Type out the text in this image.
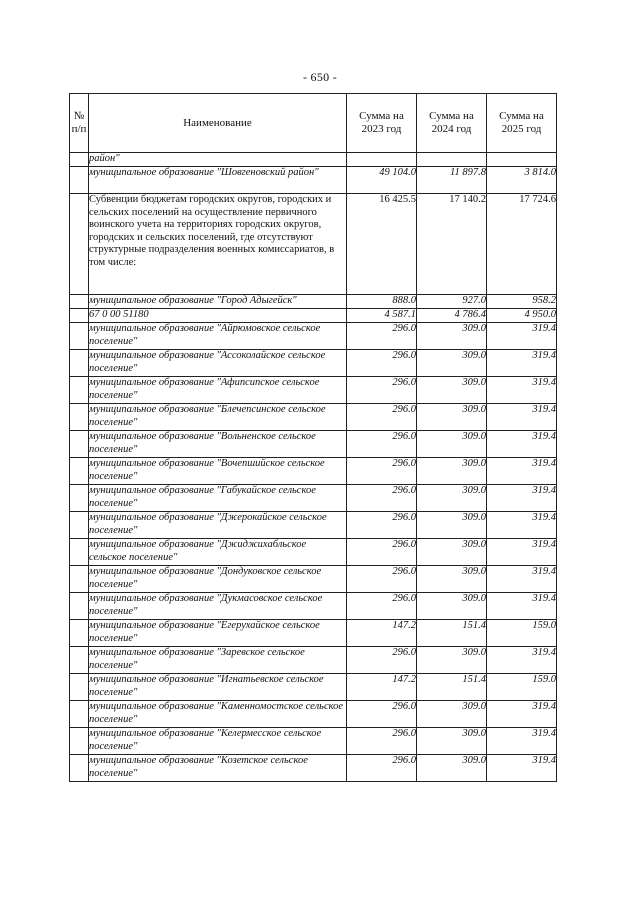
- 650 -
№ п/п	Наименование	Сумма на 2023 год	Сумма на 2024 год	Сумма на 2025 год
	район"			
	муниципальное образование "Шовгеновский район"	49 104.0	11 897.8	3 814.0
	Субвенции бюджетам городских округов, городских и сельских поселений на осуществление первичного воинского учета на территориях городских округов, городских и сельских поселений, где отсутствуют структурные подразделения военных комиссариатов, в том числе:	16 425.5	17 140.2	17 724.6
	муниципальное образование "Город Адыгейск"	888.0	927.0	958.2
	67 0 00 51180	4 587.1	4 786.4	4 950.0
	муниципальное образование "Айрюмовское сельское поселение"	296.0	309.0	319.4
	муниципальное образование "Ассоколайское сельское поселение"	296.0	309.0	319.4
	муниципальное образование "Афипсипское сельское поселение"	296.0	309.0	319.4
	муниципальное образование "Блечепсинское сельское поселение"	296.0	309.0	319.4
	муниципальное образование "Вольненское сельское поселение"	296.0	309.0	319.4
	муниципальное образование "Вочепшийское сельское поселение"	296.0	309.0	319.4
	муниципальное образование "Габукайское сельское поселение"	296.0	309.0	319.4
	муниципальное образование "Джерокайское сельское поселение"	296.0	309.0	319.4
	муниципальное образование "Джиджихабльское сельское поселение"	296.0	309.0	319.4
	муниципальное образование "Дондуковское сельское поселение"	296.0	309.0	319.4
	муниципальное образование "Дукмасовское сельское поселение"	296.0	309.0	319.4
	муниципальное образование "Егерухайское сельское поселение"	147.2	151.4	159.0
	муниципальное образование "Заревское сельское поселение"	296.0	309.0	319.4
	муниципальное образование "Игнатьевское сельское поселение"	147.2	151.4	159.0
	муниципальное образование "Каменномостское сельское поселение"	296.0	309.0	319.4
	муниципальное образование "Келермесское сельское поселение"	296.0	309.0	319.4
	муниципальное образование "Козетское сельское поселение"	296.0	309.0	319.4
